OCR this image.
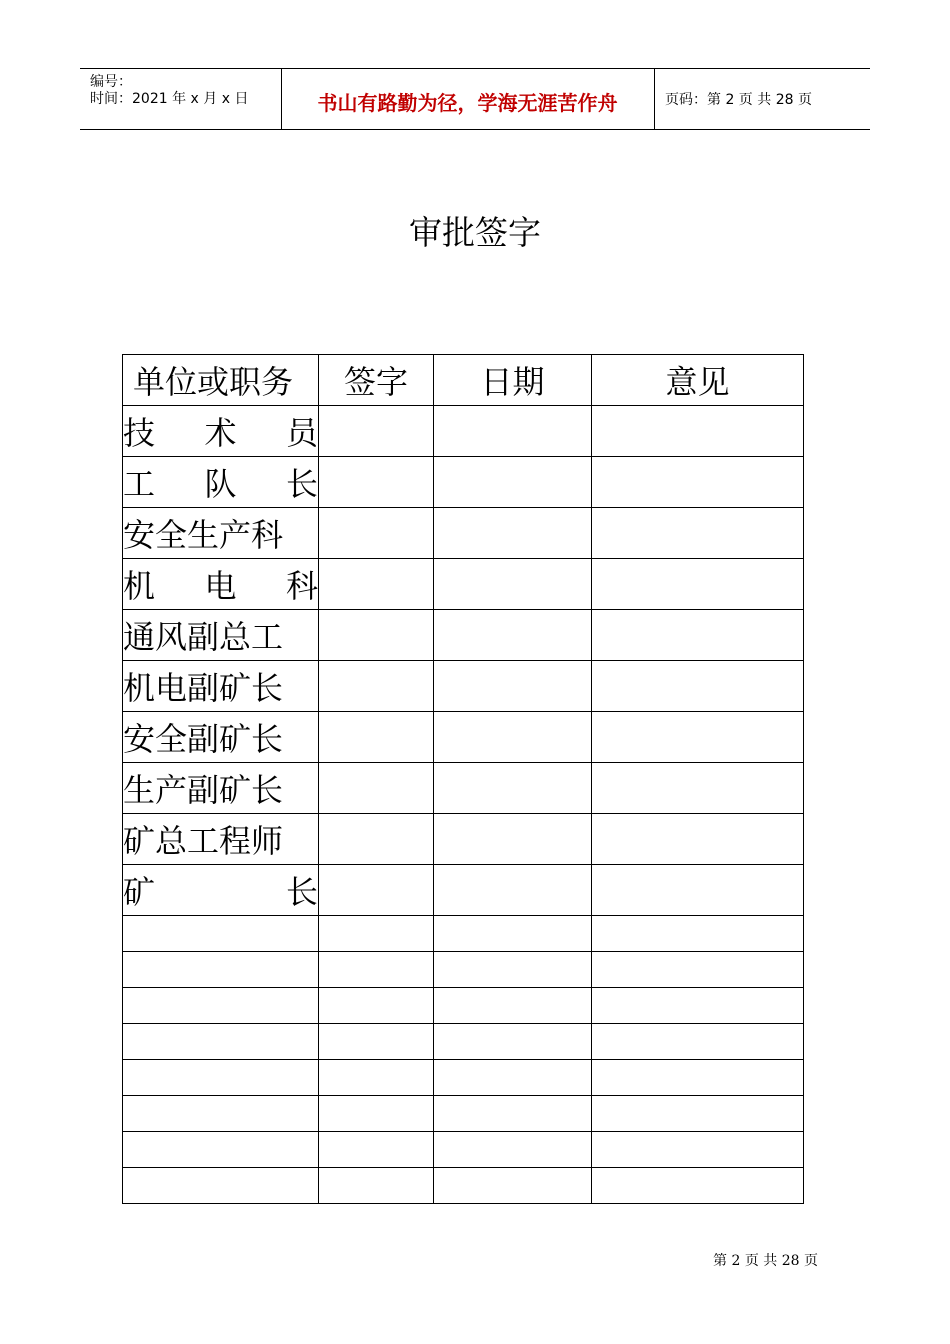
编号：
时间：2021 年 x 月 x 日	书山有路勤为径，学海无涯苦作舟	页码：第 2 页 共 28 页
审批签字
单位或职务	签字	日期	意见
技　术　员			
工　队　长			
安全生产科			
机　电　科			
通风副总工			
机电副矿长			
安全副矿长			
生产副矿长			
矿总工程师			
矿　　　长			

第 2 页 共 28 页
